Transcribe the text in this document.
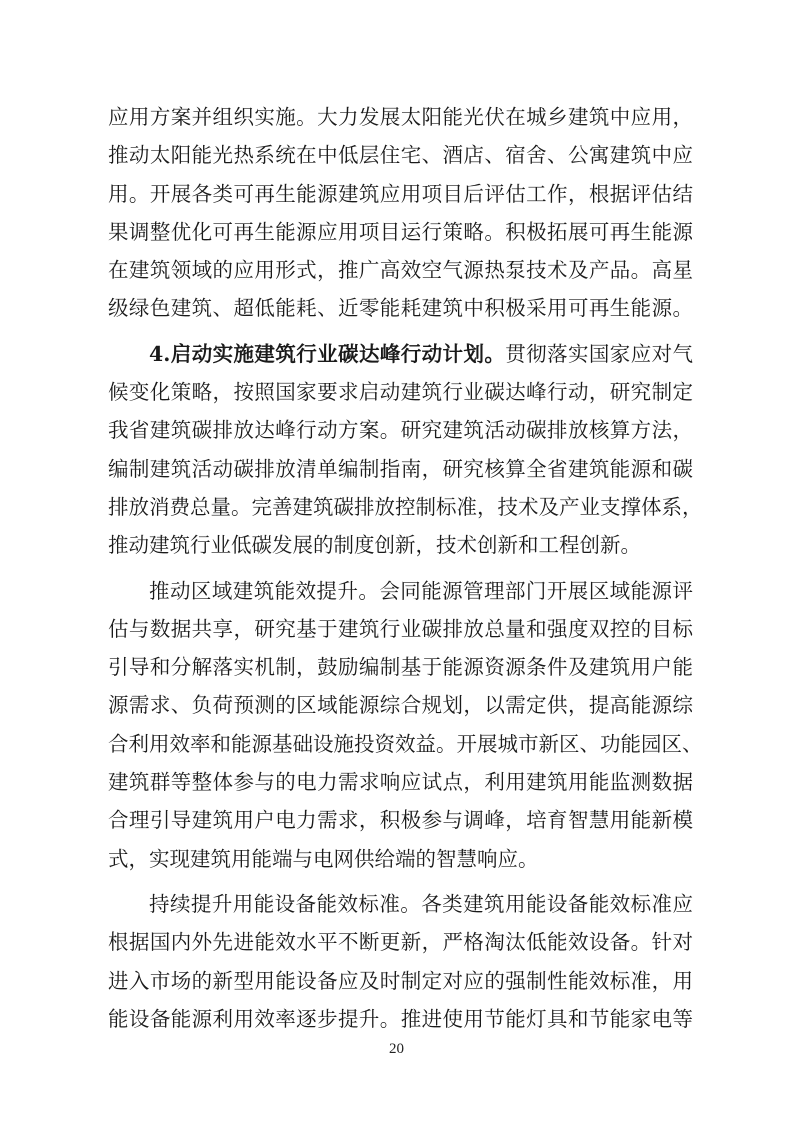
应用方案并组织实施。大力发展太阳能光伏在城乡建筑中应用，
推动太阳能光热系统在中低层住宅、酒店、宿舍、公寓建筑中应
用。开展各类可再生能源建筑应用项目后评估工作，根据评估结
果调整优化可再生能源应用项目运行策略。积极拓展可再生能源
在建筑领域的应用形式，推广高效空气源热泵技术及产品。高星
级绿色建筑、超低能耗、近零能耗建筑中积极采用可再生能源。
4.启动实施建筑行业碳达峰行动计划。贯彻落实国家应对气
候变化策略，按照国家要求启动建筑行业碳达峰行动，研究制定
我省建筑碳排放达峰行动方案。研究建筑活动碳排放核算方法，
编制建筑活动碳排放清单编制指南，研究核算全省建筑能源和碳
排放消费总量。完善建筑碳排放控制标准，技术及产业支撑体系，
推动建筑行业低碳发展的制度创新，技术创新和工程创新。
推动区域建筑能效提升。会同能源管理部门开展区域能源评
估与数据共享，研究基于建筑行业碳排放总量和强度双控的目标
引导和分解落实机制，鼓励编制基于能源资源条件及建筑用户能
源需求、负荷预测的区域能源综合规划，以需定供，提高能源综
合利用效率和能源基础设施投资效益。开展城市新区、功能园区、
建筑群等整体参与的电力需求响应试点，利用建筑用能监测数据
合理引导建筑用户电力需求，积极参与调峰，培育智慧用能新模
式，实现建筑用能端与电网供给端的智慧响应。
持续提升用能设备能效标准。各类建筑用能设备能效标准应
根据国内外先进能效水平不断更新，严格淘汰低能效设备。针对
进入市场的新型用能设备应及时制定对应的强制性能效标准，用
能设备能源利用效率逐步提升。推进使用节能灯具和节能家电等
20
